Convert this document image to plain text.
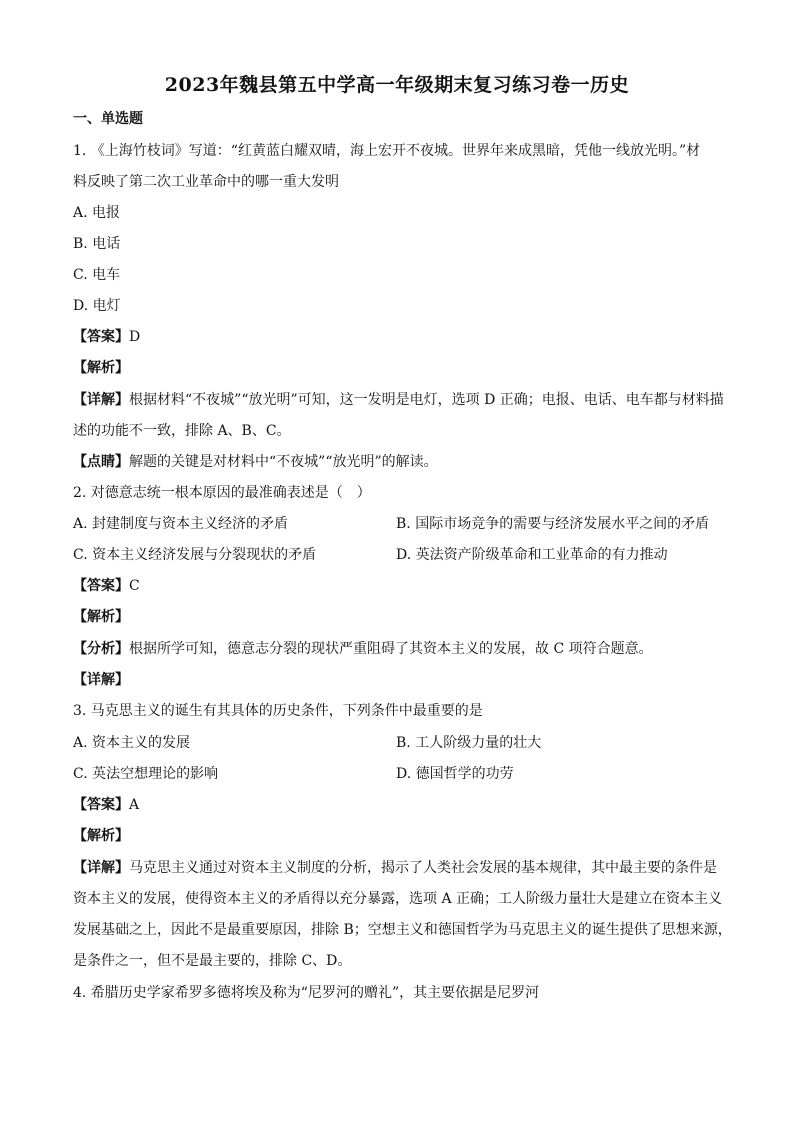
2023年魏县第五中学高一年级期末复习练习卷一历史
一、单选题
1. 《上海竹枝词》写道：“红黄蓝白耀双晴，海上宏开不夜城。世界年来成黑暗，凭他一线放光明。”材
料反映了第二次工业革命中的哪一重大发明
A. 电报
B. 电话
C. 电车
D. 电灯
【答案】D
【解析】
【详解】根据材料“不夜城”“放光明”可知，这一发明是电灯，选项 D 正确；电报、电话、电车都与材料描
述的功能不一致，排除 A、B、C。
【点睛】解题的关键是对材料中“不夜城”“放光明”的解读。
2. 对德意志统一根本原因的最准确表述是（　）
A. 封建制度与资本主义经济的矛盾	B. 国际市场竞争的需要与经济发展水平之间的矛盾
C. 资本主义经济发展与分裂现状的矛盾	D. 英法资产阶级革命和工业革命的有力推动
【答案】C
【解析】
【分析】根据所学可知，德意志分裂的现状严重阻碍了其资本主义的发展，故 C 项符合题意。
【详解】
3. 马克思主义的诞生有其具体的历史条件，下列条件中最重要的是
A. 资本主义的发展	B. 工人阶级力量的壮大
C. 英法空想理论的影响	D. 德国哲学的功劳
【答案】A
【解析】
【详解】马克思主义通过对资本主义制度的分析，揭示了人类社会发展的基本规律，其中最主要的条件是
资本主义的发展，使得资本主义的矛盾得以充分暴露，选项 A 正确；工人阶级力量壮大是建立在资本主义
发展基础之上，因此不是最重要原因，排除 B；空想主义和德国哲学为马克思主义的诞生提供了思想来源，
是条件之一，但不是最主要的，排除 C、D。
4. 希腊历史学家希罗多德将埃及称为“尼罗河的赠礼”，其主要依据是尼罗河
